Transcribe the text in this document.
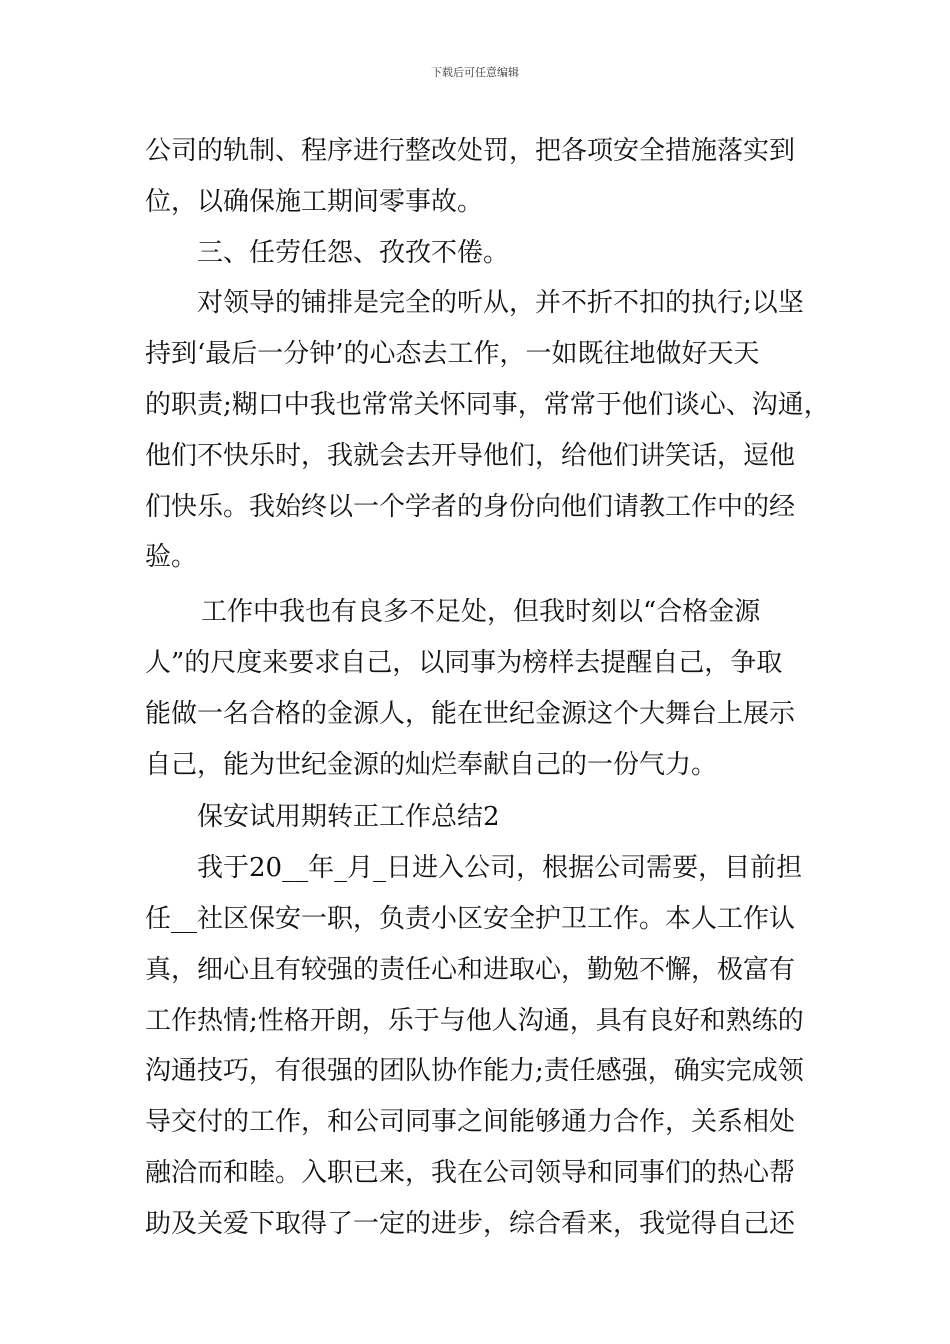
下载后可任意编辑
公司的轨制、程序进行整改处罚，把各项安全措施落实到
位，以确保施工期间零事故。
三、任劳任怨、孜孜不倦。
对领导的铺排是完全的听从，并不折不扣的执行;以坚
持到‘最后一分钟’的心态去工作，一如既往地做好天天
的职责;糊口中我也常常关怀同事，常常于他们谈心、沟通，
他们不快乐时，我就会去开导他们，给他们讲笑话，逗他
们快乐。我始终以一个学者的身份向他们请教工作中的经
验。
工作中我也有良多不足处，但我时刻以“合格金源
人”的尺度来要求自己，以同事为榜样去提醒自己，争取
能做一名合格的金源人，能在世纪金源这个大舞台上展示
自己，能为世纪金源的灿烂奉献自己的一份气力。
保安试用期转正工作总结2
我于20__年_月_日进入公司，根据公司需要，目前担
任__社区保安一职，负责小区安全护卫工作。本人工作认
真，细心且有较强的责任心和进取心，勤勉不懈，极富有
工作热情;性格开朗，乐于与他人沟通，具有良好和熟练的
沟通技巧，有很强的团队协作能力;责任感强，确实完成领
导交付的工作，和公司同事之间能够通力合作，关系相处
融洽而和睦。入职已来，我在公司领导和同事们的热心帮
助及关爱下取得了一定的进步，综合看来，我觉得自己还
